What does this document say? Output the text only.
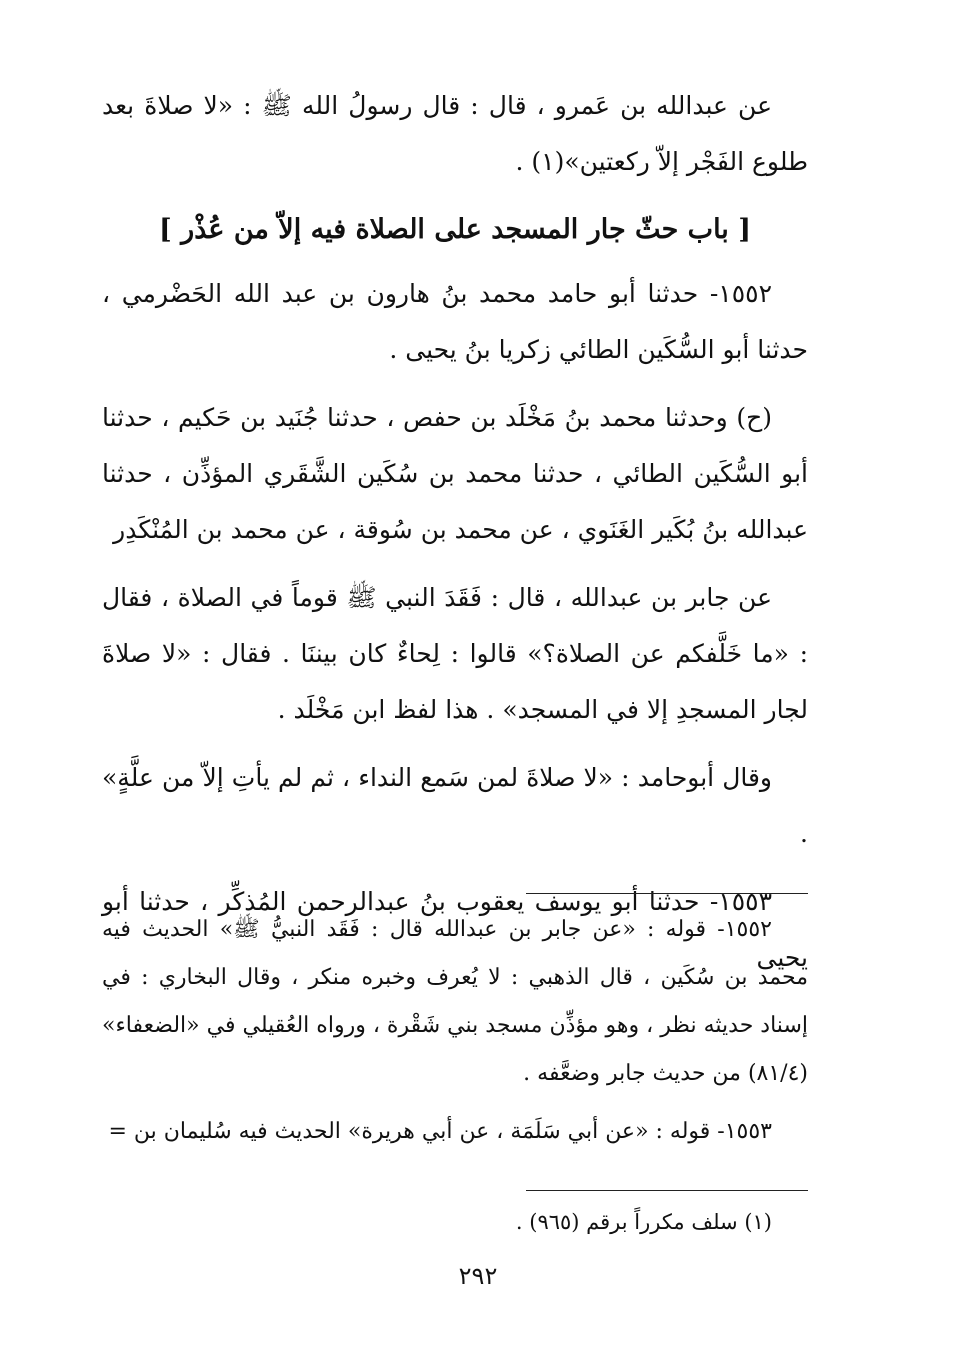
عن عبدالله بن عَمرو ، قال : قال رسولُ الله ﷺ : «لا صلاةَ بعد طلوع الفَجْر إلاّ ركعتين»(١) .

[ باب حثّ جار المسجد على الصلاة فيه إلاّ من عُذْر ]

١٥٥٢- حدثنا أبو حامد محمد بنُ هارون بن عبد الله الحَضْرمي ، حدثنا أبو السُّكَين الطائي زكريا بنُ يحيى .

(ح) وحدثنا محمد بنُ مَخْلَد بن حفص ، حدثنا جُنَيد بن حَكيم ، حدثنا أبو السُّكَين الطائي ، حدثنا محمد بن سُكَين الشَّقَري المؤذِّن ، حدثنا عبدالله بنُ بُكَير الغَنَوي ، عن محمد بن سُوقة ، عن محمد بن المُنْكَدِر

عن جابر بن عبدالله ، قال : فَقَدَ النبي ﷺ قوماً في الصلاة ، فقال : «ما خَلَّفكم عن الصلاة؟» قالوا : لِحاءٌ كان بيننَا . فقال : «لا صلاةَ لجار المسجدِ إلا في المسجد» . هذا لفظ ابن مَخْلَد .

وقال أبوحامد : «لا صلاةَ لمن سَمع النداء ، ثم لم يأتِ إلاّ من علَّةٍ» .

١٥٥٣- حدثنا أبو يوسف يعقوب بنُ عبدالرحمن المُذكِّر ، حدثنا أبو يحيى

١٥٥٢- قوله : «عن جابر بن عبدالله قال : فَقَد النبيُّ ﷺ» الحديث فيه محمد بن سُكَين ، قال الذهبي : لا يُعرف وخبره منكر ، وقال البخاري : في إسناد حديثه نظر ، وهو مؤذِّن مسجد بني شَقْرة ، ورواه العُقيلي في «الضعفاء» (٨١/٤) من حديث جابر وضعَّفه .

١٥٥٣- قوله : «عن أبي سَلَمَة ، عن أبي هريرة» الحديث فيه سُليمان بن =

(١) سلف مكرراً برقم (٩٦٥) .

٢٩٢
